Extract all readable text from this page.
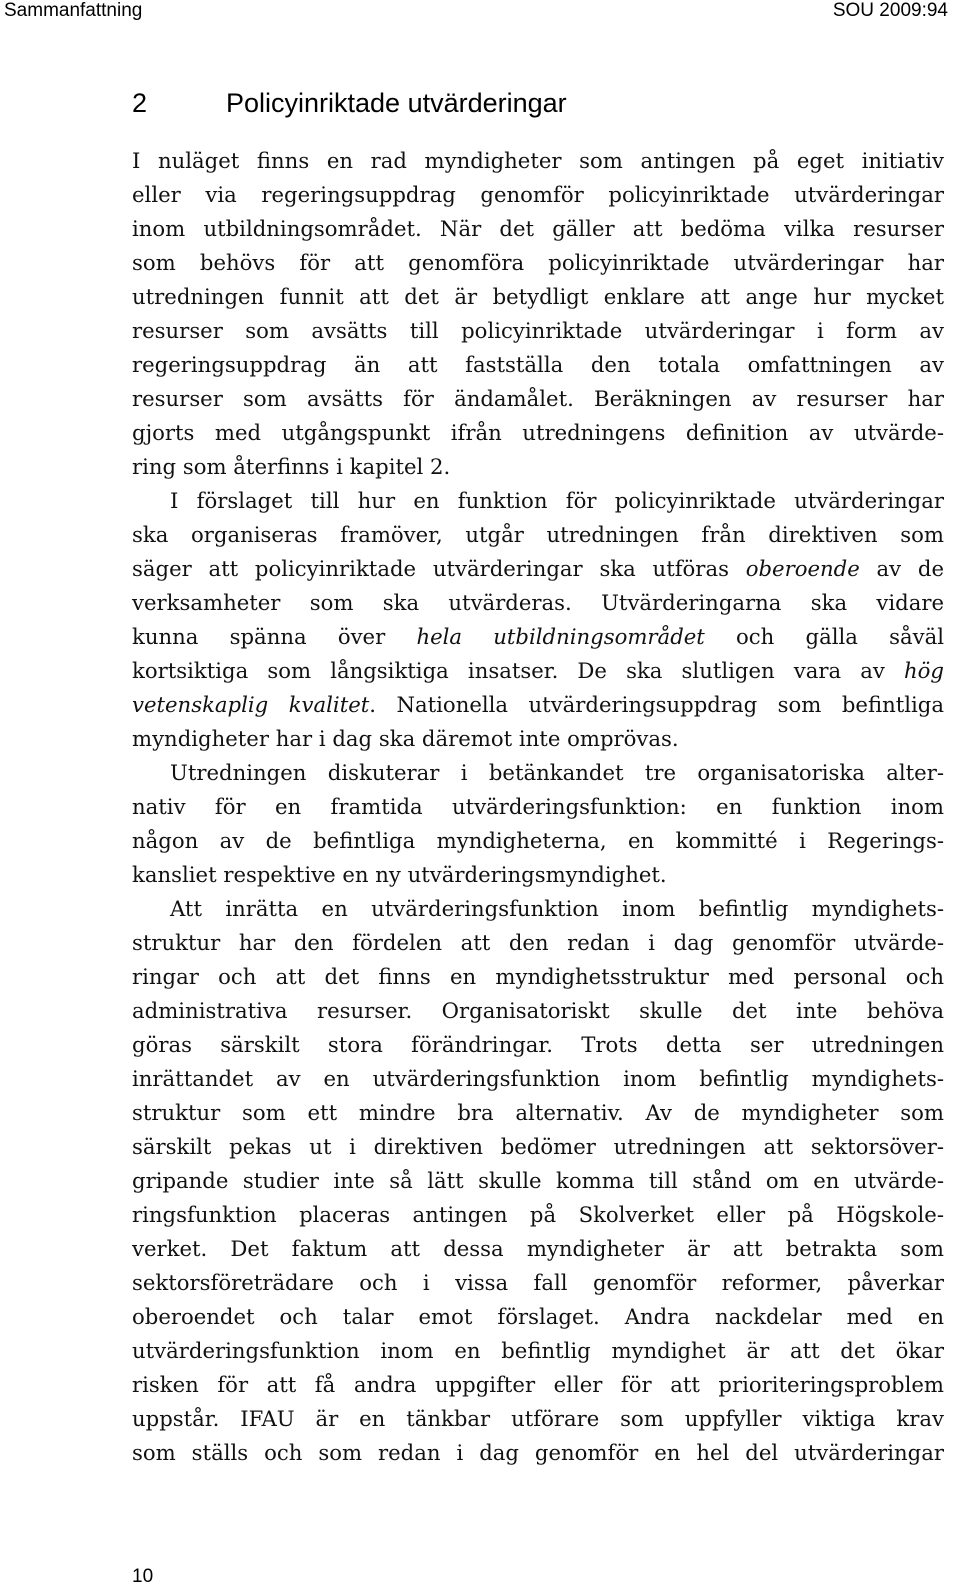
Sammanfattning	SOU 2009:94
2	Policyinriktade utvärderingar
I nuläget finns en rad myndigheter som antingen på eget initiativ
eller via regeringsuppdrag genomför policyinriktade utvärderingar
inom utbildningsområdet. När det gäller att bedöma vilka resurser
som behövs för att genomföra policyinriktade utvärderingar har
utredningen funnit att det är betydligt enklare att ange hur mycket
resurser som avsätts till policyinriktade utvärderingar i form av
regeringsuppdrag än att fastställa den totala omfattningen av
resurser som avsätts för ändamålet. Beräkningen av resurser har
gjorts med utgångspunkt ifrån utredningens definition av utvärde-
ring som återfinns i kapitel 2.
I förslaget till hur en funktion för policyinriktade utvärderingar
ska organiseras framöver, utgår utredningen från direktiven som
säger att policyinriktade utvärderingar ska utföras oberoende av de
verksamheter som ska utvärderas. Utvärderingarna ska vidare
kunna spänna över hela utbildningsområdet och gälla såväl
kortsiktiga som långsiktiga insatser. De ska slutligen vara av hög
vetenskaplig kvalitet. Nationella utvärderingsuppdrag som befintliga
myndigheter har i dag ska däremot inte omprövas.
Utredningen diskuterar i betänkandet tre organisatoriska alter-
nativ för en framtida utvärderingsfunktion: en funktion inom
någon av de befintliga myndigheterna, en kommitté i Regerings-
kansliet respektive en ny utvärderingsmyndighet.
Att inrätta en utvärderingsfunktion inom befintlig myndighets-
struktur har den fördelen att den redan i dag genomför utvärde-
ringar och att det finns en myndighetsstruktur med personal och
administrativa resurser. Organisatoriskt skulle det inte behöva
göras särskilt stora förändringar. Trots detta ser utredningen
inrättandet av en utvärderingsfunktion inom befintlig myndighets-
struktur som ett mindre bra alternativ. Av de myndigheter som
särskilt pekas ut i direktiven bedömer utredningen att sektorsöver-
gripande studier inte så lätt skulle komma till stånd om en utvärde-
ringsfunktion placeras antingen på Skolverket eller på Högskole-
verket. Det faktum att dessa myndigheter är att betrakta som
sektorsföreträdare och i vissa fall genomför reformer, påverkar
oberoendet och talar emot förslaget. Andra nackdelar med en
utvärderingsfunktion inom en befintlig myndighet är att det ökar
risken för att få andra uppgifter eller för att prioriteringsproblem
uppstår. IFAU är en tänkbar utförare som uppfyller viktiga krav
som ställs och som redan i dag genomför en hel del utvärderingar
10
